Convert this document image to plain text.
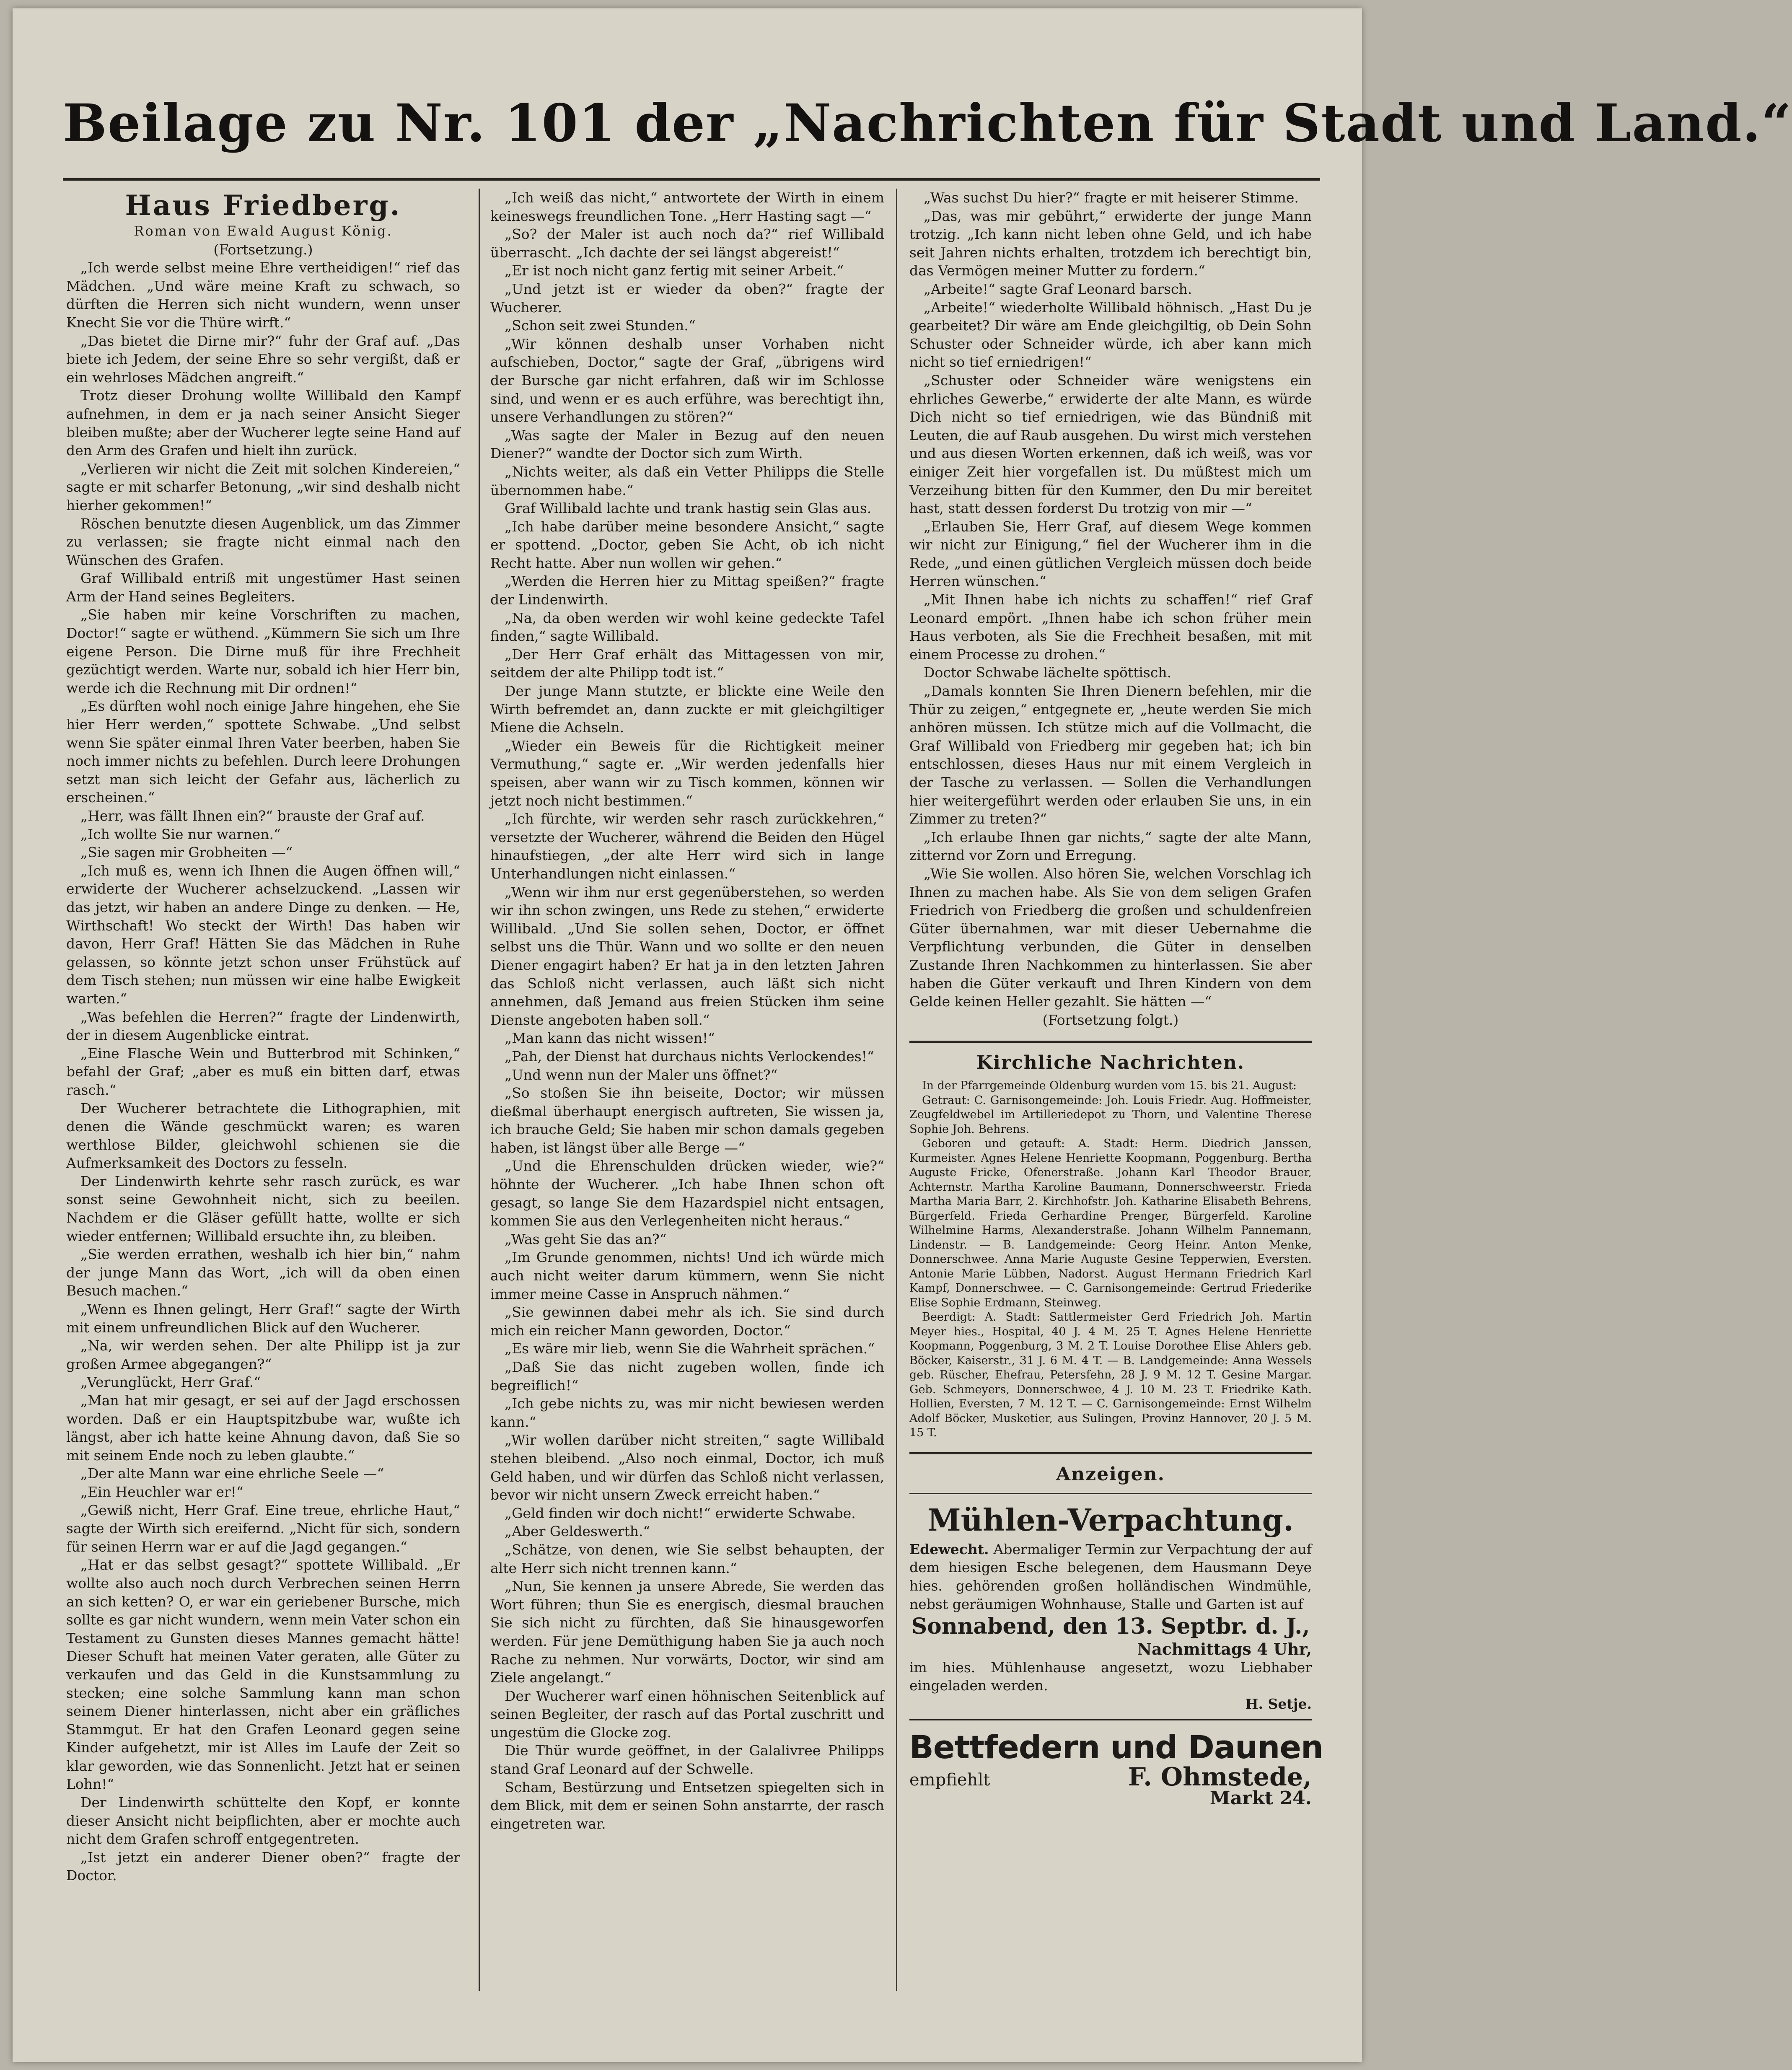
Beilage zu Nr. 101 der „Nachrichten für Stadt und Land.“
Haus Friedberg.
Roman von Ewald August König.
(Fortsetzung.)

„Ich werde selbst meine Ehre vertheidigen!“ rief das Mädchen. „Und wäre meine Kraft zu schwach, so dürften die Herren sich nicht wundern, wenn unser Knecht Sie vor die Thüre wirft.“

„Das bietet die Dirne mir?“ fuhr der Graf auf. „Das biete ich Jedem, der seine Ehre so sehr vergißt, daß er ein wehrloses Mädchen angreift.“

Trotz dieser Drohung wollte Willibald den Kampf aufnehmen, in dem er ja nach seiner Ansicht Sieger bleiben mußte; aber der Wucherer legte seine Hand auf den Arm des Grafen und hielt ihn zurück.

„Verlieren wir nicht die Zeit mit solchen Kindereien,“ sagte er mit scharfer Betonung, „wir sind deshalb nicht hierher gekommen!“

Röschen benutzte diesen Augenblick, um das Zimmer zu verlassen; sie fragte nicht einmal nach den Wünschen des Grafen.

Graf Willibald entriß mit ungestümer Hast seinen Arm der Hand seines Begleiters.

„Sie haben mir keine Vorschriften zu machen, Doctor!“ sagte er wüthend. „Kümmern Sie sich um Ihre eigene Person. Die Dirne muß für ihre Frechheit gezüchtigt werden. Warte nur, sobald ich hier Herr bin, werde ich die Rechnung mit Dir ordnen!“

„Es dürften wohl noch einige Jahre hingehen, ehe Sie hier Herr werden,“ spottete Schwabe. „Und selbst wenn Sie später einmal Ihren Vater beerben, haben Sie noch immer nichts zu befehlen. Durch leere Drohungen setzt man sich leicht der Gefahr aus, lächerlich zu erscheinen.“

„Herr, was fällt Ihnen ein?“ brauste der Graf auf.

„Ich wollte Sie nur warnen.“

„Sie sagen mir Grobheiten —“

„Ich muß es, wenn ich Ihnen die Augen öffnen will,“ erwiderte der Wucherer achselzuckend. „Lassen wir das jetzt, wir haben an andere Dinge zu denken. — He, Wirthschaft! Wo steckt der Wirth! Das haben wir davon, Herr Graf! Hätten Sie das Mädchen in Ruhe gelassen, so könnte jetzt schon unser Frühstück auf dem Tisch stehen; nun müssen wir eine halbe Ewigkeit warten.“

„Was befehlen die Herren?“ fragte der Lindenwirth, der in diesem Augenblicke eintrat.

„Eine Flasche Wein und Butterbrod mit Schinken,“ befahl der Graf; „aber es muß ein bitten darf, etwas rasch.“

Der Wucherer betrachtete die Lithographien, mit denen die Wände geschmückt waren; es waren werthlose Bilder, gleichwohl schienen sie die Aufmerksamkeit des Doctors zu fesseln.

Der Lindenwirth kehrte sehr rasch zurück, es war sonst seine Gewohnheit nicht, sich zu beeilen. Nachdem er die Gläser gefüllt hatte, wollte er sich wieder entfernen; Willibald ersuchte ihn, zu bleiben.

„Sie werden errathen, weshalb ich hier bin,“ nahm der junge Mann das Wort, „ich will da oben einen Besuch machen.“

„Wenn es Ihnen gelingt, Herr Graf!“ sagte der Wirth mit einem unfreundlichen Blick auf den Wucherer.

„Na, wir werden sehen. Der alte Philipp ist ja zur großen Armee abgegangen?“

„Verunglückt, Herr Graf.“

„Man hat mir gesagt, er sei auf der Jagd erschossen worden. Daß er ein Hauptspitzbube war, wußte ich längst, aber ich hatte keine Ahnung davon, daß Sie so mit seinem Ende noch zu leben glaubte.“

„Der alte Mann war eine ehrliche Seele —“

„Ein Heuchler war er!“

„Gewiß nicht, Herr Graf. Eine treue, ehrliche Haut,“ sagte der Wirth sich ereifernd. „Nicht für sich, sondern für seinen Herrn war er auf die Jagd gegangen.“

„Hat er das selbst gesagt?“ spottete Willibald. „Er wollte also auch noch durch Verbrechen seinen Herrn an sich ketten? O, er war ein geriebener Bursche, mich sollte es gar nicht wundern, wenn mein Vater schon ein Testament zu Gunsten dieses Mannes gemacht hätte! Dieser Schuft hat meinen Vater geraten, alle Güter zu verkaufen und das Geld in die Kunstsammlung zu stecken; eine solche Sammlung kann man schon seinem Diener hinterlassen, nicht aber ein gräfliches Stammgut. Er hat den Grafen Leonard gegen seine Kinder aufgehetzt, mir ist Alles im Laufe der Zeit so klar geworden, wie das Sonnenlicht. Jetzt hat er seinen Lohn!“

Der Lindenwirth schüttelte den Kopf, er konnte dieser Ansicht nicht beipflichten, aber er mochte auch nicht dem Grafen schroff entgegentreten.

„Ist jetzt ein anderer Diener oben?“ fragte der Doctor.

„Ich weiß das nicht,“ antwortete der Wirth in einem keineswegs freundlichen Tone. „Herr Hasting sagt —“

„So? der Maler ist auch noch da?“ rief Willibald überrascht. „Ich dachte der sei längst abgereist!“

„Er ist noch nicht ganz fertig mit seiner Arbeit.“

„Und jetzt ist er wieder da oben?“ fragte der Wucherer.

„Schon seit zwei Stunden.“

„Wir können deshalb unser Vorhaben nicht aufschieben, Doctor,“ sagte der Graf, „übrigens wird der Bursche gar nicht erfahren, daß wir im Schlosse sind, und wenn er es auch erführe, was berechtigt ihn, unsere Verhandlungen zu stören?“

„Was sagte der Maler in Bezug auf den neuen Diener?“ wandte der Doctor sich zum Wirth.

„Nichts weiter, als daß ein Vetter Philipps die Stelle übernommen habe.“

Graf Willibald lachte und trank hastig sein Glas aus.

„Ich habe darüber meine besondere Ansicht,“ sagte er spottend. „Doctor, geben Sie Acht, ob ich nicht Recht hatte. Aber nun wollen wir gehen.“

„Werden die Herren hier zu Mittag speißen?“ fragte der Lindenwirth.

„Na, da oben werden wir wohl keine gedeckte Tafel finden,“ sagte Willibald.

„Der Herr Graf erhält das Mittagessen von mir, seitdem der alte Philipp todt ist.“

Der junge Mann stutzte, er blickte eine Weile den Wirth befremdet an, dann zuckte er mit gleichgiltiger Miene die Achseln.

„Wieder ein Beweis für die Richtigkeit meiner Vermuthung,“ sagte er. „Wir werden jedenfalls hier speisen, aber wann wir zu Tisch kommen, können wir jetzt noch nicht bestimmen.“

„Ich fürchte, wir werden sehr rasch zurückkehren,“ versetzte der Wucherer, während die Beiden den Hügel hinaufstiegen, „der alte Herr wird sich in lange Unterhandlungen nicht einlassen.“

„Wenn wir ihm nur erst gegenüberstehen, so werden wir ihn schon zwingen, uns Rede zu stehen,“ erwiderte Willibald. „Und Sie sollen sehen, Doctor, er öffnet selbst uns die Thür. Wann und wo sollte er den neuen Diener engagirt haben? Er hat ja in den letzten Jahren das Schloß nicht verlassen, auch läßt sich nicht annehmen, daß Jemand aus freien Stücken ihm seine Dienste angeboten haben soll.“

„Man kann das nicht wissen!“

„Pah, der Dienst hat durchaus nichts Verlockendes!“

„Und wenn nun der Maler uns öffnet?“

„So stoßen Sie ihn beiseite, Doctor; wir müssen dießmal überhaupt energisch auftreten, Sie wissen ja, ich brauche Geld; Sie haben mir schon damals gegeben haben, ist längst über alle Berge —“

„Und die Ehrenschulden drücken wieder, wie?“ höhnte der Wucherer. „Ich habe Ihnen schon oft gesagt, so lange Sie dem Hazardspiel nicht entsagen, kommen Sie aus den Verlegenheiten nicht heraus.“

„Was geht Sie das an?“

„Im Grunde genommen, nichts! Und ich würde mich auch nicht weiter darum kümmern, wenn Sie nicht immer meine Casse in Anspruch nähmen.“

„Sie gewinnen dabei mehr als ich. Sie sind durch mich ein reicher Mann geworden, Doctor.“

„Es wäre mir lieb, wenn Sie die Wahrheit sprächen.“

„Daß Sie das nicht zugeben wollen, finde ich begreiflich!“

„Ich gebe nichts zu, was mir nicht bewiesen werden kann.“

„Wir wollen darüber nicht streiten,“ sagte Willibald stehen bleibend. „Also noch einmal, Doctor, ich muß Geld haben, und wir dürfen das Schloß nicht verlassen, bevor wir nicht unsern Zweck erreicht haben.“

„Geld finden wir doch nicht!“ erwiderte Schwabe.

„Aber Geldeswerth.“

„Schätze, von denen, wie Sie selbst behaupten, der alte Herr sich nicht trennen kann.“

„Nun, Sie kennen ja unsere Abrede, Sie werden das Wort führen; thun Sie es energisch, diesmal brauchen Sie sich nicht zu fürchten, daß Sie hinausgeworfen werden. Für jene Demüthigung haben Sie ja auch noch Rache zu nehmen. Nur vorwärts, Doctor, wir sind am Ziele angelangt.“

Der Wucherer warf einen höhnischen Seitenblick auf seinen Begleiter, der rasch auf das Portal zuschritt und ungestüm die Glocke zog.

Die Thür wurde geöffnet, in der Galalivree Philipps stand Graf Leonard auf der Schwelle.

Scham, Bestürzung und Entsetzen spiegelten sich in dem Blick, mit dem er seinen Sohn anstarrte, der rasch eingetreten war.

„Was suchst Du hier?“ fragte er mit heiserer Stimme.

„Das, was mir gebührt,“ erwiderte der junge Mann trotzig. „Ich kann nicht leben ohne Geld, und ich habe seit Jahren nichts erhalten, trotzdem ich berechtigt bin, das Vermögen meiner Mutter zu fordern.“

„Arbeite!“ sagte Graf Leonard barsch.

„Arbeite!“ wiederholte Willibald höhnisch. „Hast Du je gearbeitet? Dir wäre am Ende gleichgiltig, ob Dein Sohn Schuster oder Schneider würde, ich aber kann mich nicht so tief erniedrigen!“

„Schuster oder Schneider wäre wenigstens ein ehrliches Gewerbe,“ erwiderte der alte Mann, es würde Dich nicht so tief erniedrigen, wie das Bündniß mit Leuten, die auf Raub ausgehen. Du wirst mich verstehen und aus diesen Worten erkennen, daß ich weiß, was vor einiger Zeit hier vorgefallen ist. Du müßtest mich um Verzeihung bitten für den Kummer, den Du mir bereitet hast, statt dessen forderst Du trotzig von mir —“

„Erlauben Sie, Herr Graf, auf diesem Wege kommen wir nicht zur Einigung,“ fiel der Wucherer ihm in die Rede, „und einen gütlichen Vergleich müssen doch beide Herren wünschen.“

„Mit Ihnen habe ich nichts zu schaffen!“ rief Graf Leonard empört. „Ihnen habe ich schon früher mein Haus verboten, als Sie die Frechheit besaßen, mit mit einem Processe zu drohen.“

Doctor Schwabe lächelte spöttisch.

„Damals konnten Sie Ihren Dienern befehlen, mir die Thür zu zeigen,“ entgegnete er, „heute werden Sie mich anhören müssen. Ich stütze mich auf die Vollmacht, die Graf Willibald von Friedberg mir gegeben hat; ich bin entschlossen, dieses Haus nur mit einem Vergleich in der Tasche zu verlassen. — Sollen die Verhandlungen hier weitergeführt werden oder erlauben Sie uns, in ein Zimmer zu treten?“

„Ich erlaube Ihnen gar nichts,“ sagte der alte Mann, zitternd vor Zorn und Erregung.

„Wie Sie wollen. Also hören Sie, welchen Vorschlag ich Ihnen zu machen habe. Als Sie von dem seligen Grafen Friedrich von Friedberg die großen und schuldenfreien Güter übernahmen, war mit dieser Uebernahme die Verpflichtung verbunden, die Güter in denselben Zustande Ihren Nachkommen zu hinterlassen. Sie aber haben die Güter verkauft und Ihren Kindern von dem Gelde keinen Heller gezahlt. Sie hätten —“

(Fortsetzung folgt.)

Kirchliche Nachrichten.

In der Pfarrgemeinde Oldenburg wurden vom 15. bis 21. August:

Getraut: C. Garnisongemeinde: Joh. Louis Friedr. Aug. Hoffmeister, Zeugfeldwebel im Artilleriedepot zu Thorn, und Valentine Therese Sophie Joh. Behrens.

Geboren und getauft: A. Stadt: Herm. Diedrich Janssen, Kurmeister. Agnes Helene Henriette Koopmann, Poggenburg. Bertha Auguste Fricke, Ofenerstraße. Johann Karl Theodor Brauer, Achternstr. Martha Karoline Baumann, Donnerschweerstr. Frieda Martha Maria Barr, 2. Kirchhofstr. Joh. Katharine Elisabeth Behrens, Bürgerfeld. Frieda Gerhardine Prenger, Bürgerfeld. Karoline Wilhelmine Harms, Alexanderstraße. Johann Wilhelm Pannemann, Lindenstr. — B. Landgemeinde: Georg Heinr. Anton Menke, Donnerschwee. Anna Marie Auguste Gesine Tepperwien, Eversten. Antonie Marie Lübben, Nadorst. August Hermann Friedrich Karl Kampf, Donnerschwee. — C. Garnisongemeinde: Gertrud Friederike Elise Sophie Erdmann, Steinweg.

Beerdigt: A. Stadt: Sattlermeister Gerd Friedrich Joh. Martin Meyer hies., Hospital, 40 J. 4 M. 25 T. Agnes Helene Henriette Koopmann, Poggenburg, 3 M. 2 T. Louise Dorothee Elise Ahlers geb. Böcker, Kaiserstr., 31 J. 6 M. 4 T. — B. Landgemeinde: Anna Wessels geb. Rüscher, Ehefrau, Petersfehn, 28 J. 9 M. 12 T. Gesine Margar. Geb. Schmeyers, Donnerschwee, 4 J. 10 M. 23 T. Friedrike Kath. Hollien, Eversten, 7 M. 12 T. — C. Garnisongemeinde: Ernst Wilhelm Adolf Böcker, Musketier, aus Sulingen, Provinz Hannover, 20 J. 5 M. 15 T.

Anzeigen.
Mühlen-Verpachtung.

Edewecht. Abermaliger Termin zur Verpachtung der auf dem hiesigen Esche belegenen, dem Hausmann Deye hies. gehörenden großen holländischen Windmühle, nebst geräumigen Wohnhause, Stalle und Garten ist auf

Sonnabend, den 13. Septbr. d. J.,
Nachmittags 4 Uhr,

im hies. Mühlenhause angesetzt, wozu Liebhaber eingeladen werden.

H. Setje.
Bettfedern und Daunen
empfiehlt	F. Ohmstede,
Markt 24.
